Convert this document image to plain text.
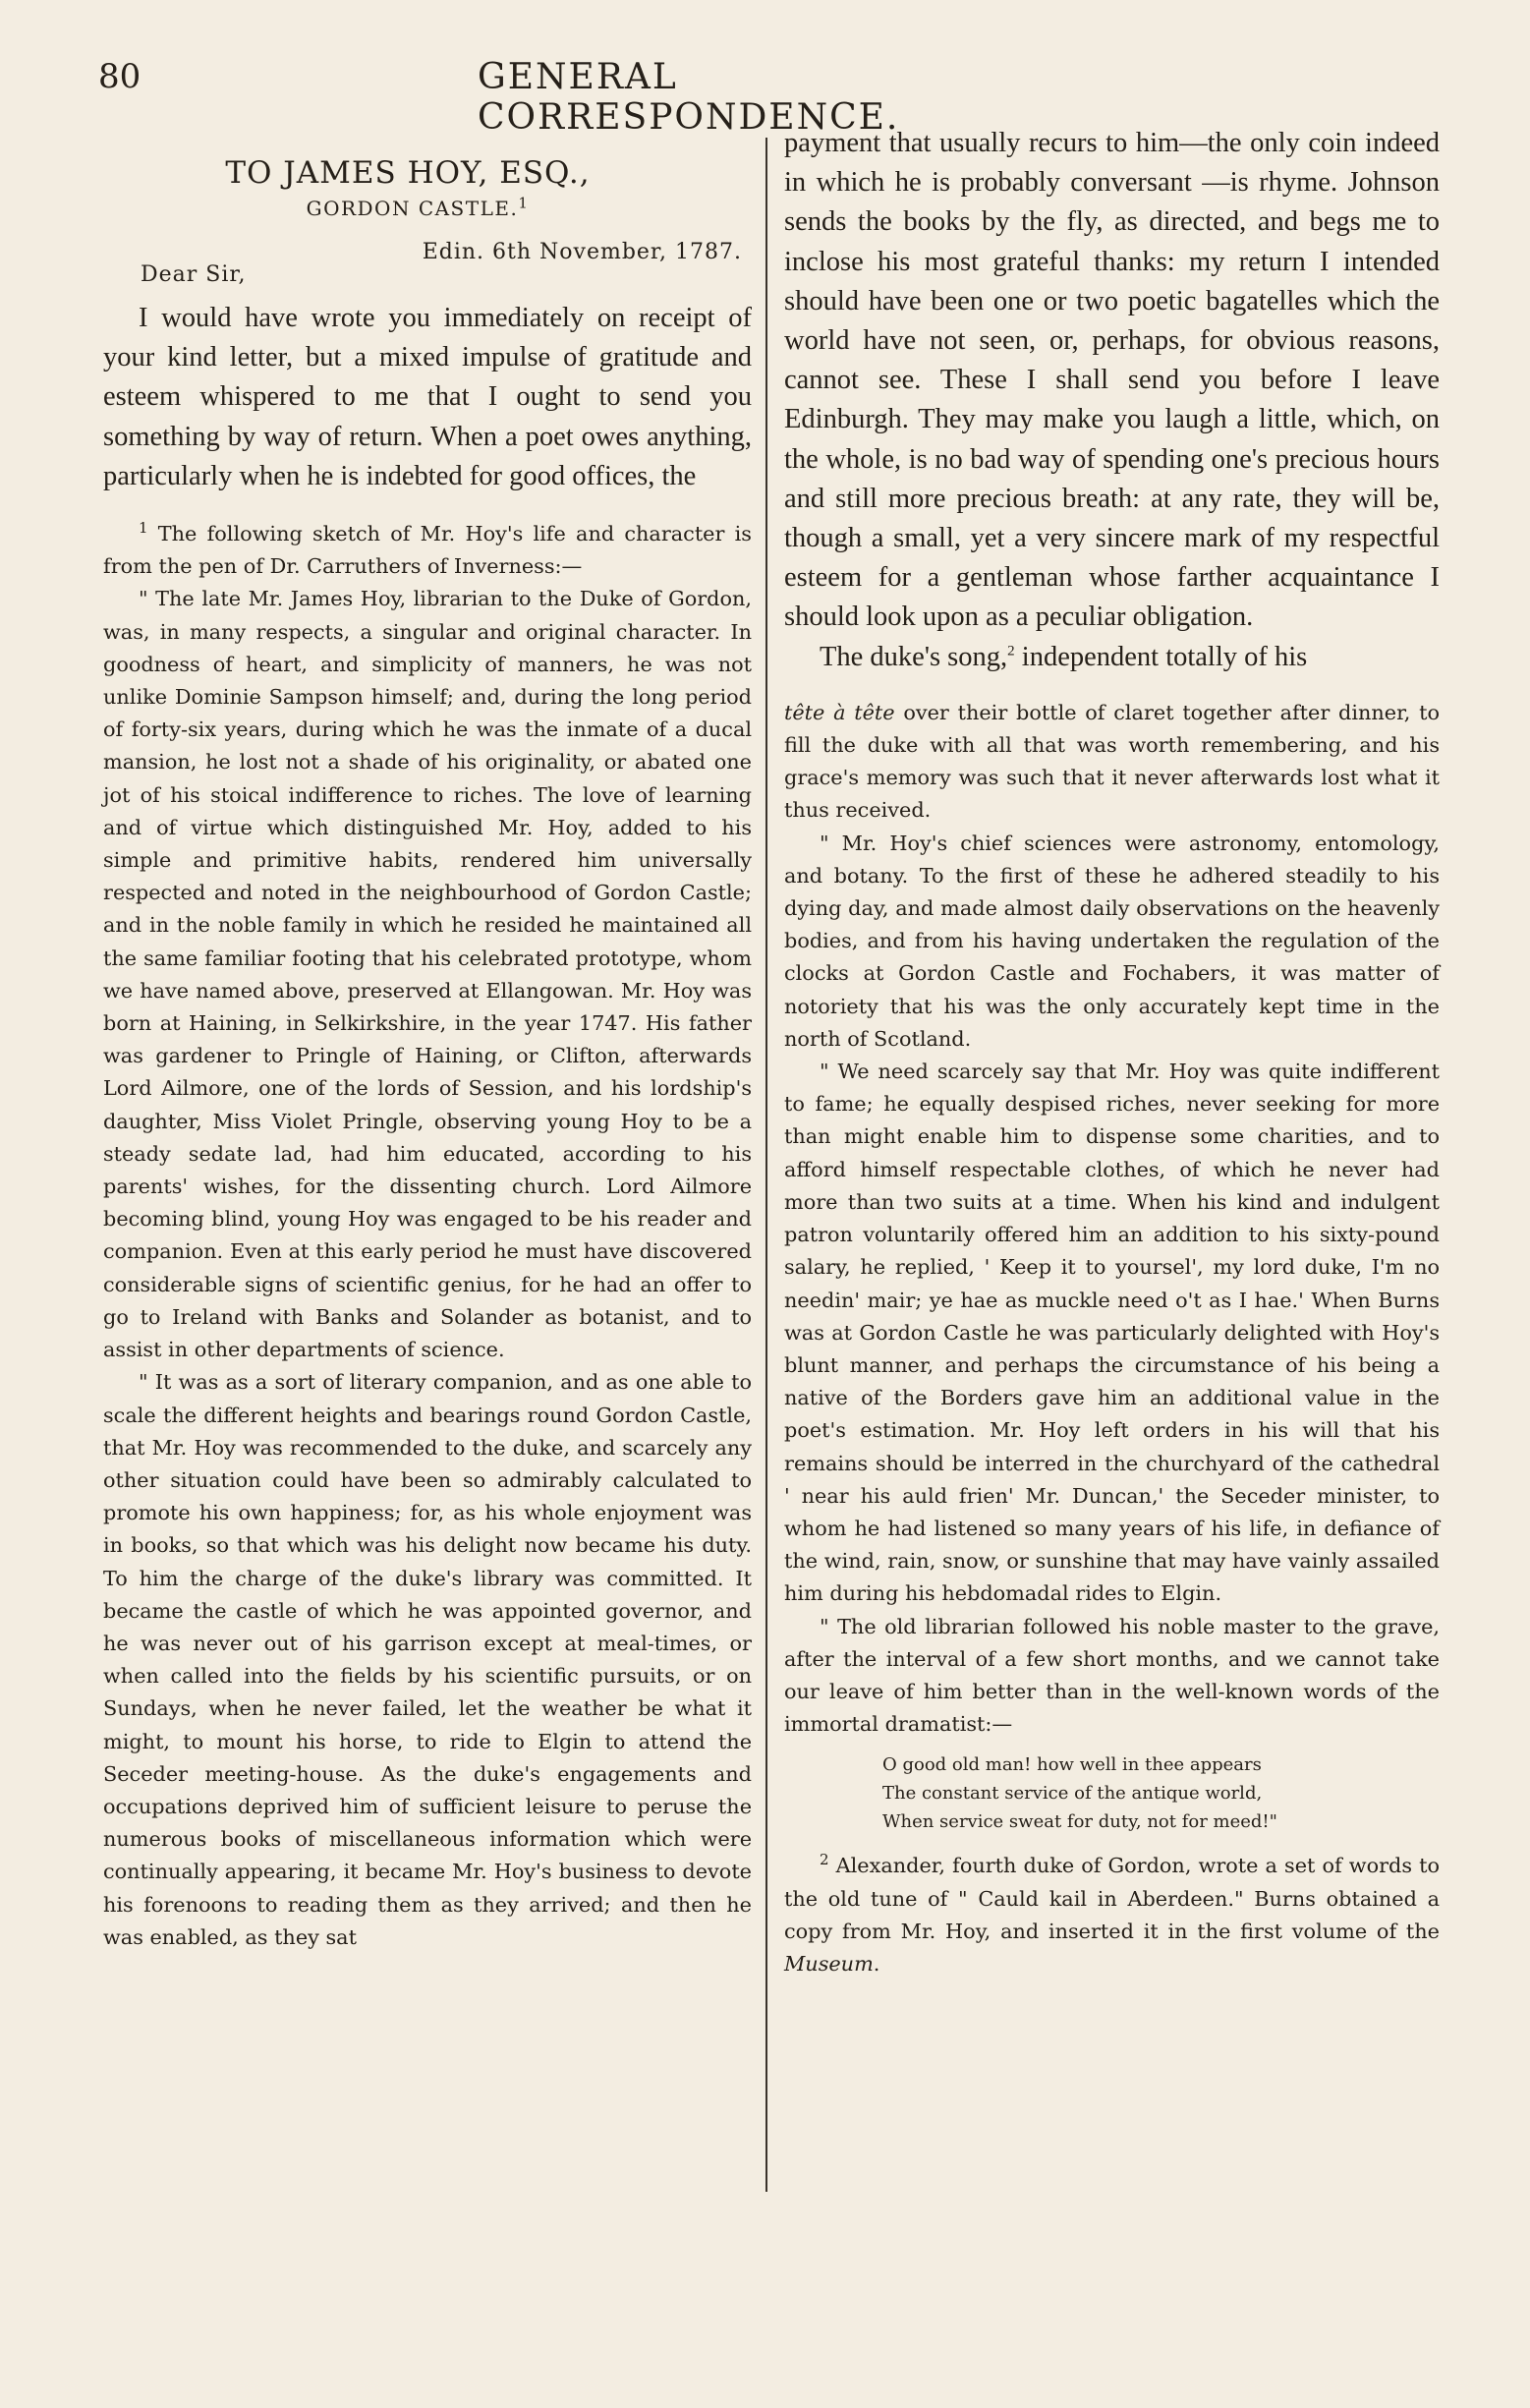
80	GENERAL CORRESPONDENCE.
TO JAMES HOY, ESQ.,
GORDON CASTLE.$^1$
Edin. 6th November, 1787.
Dear Sir,

I would have wrote you immediately on receipt of your kind letter, but a mixed impulse of gratitude and esteem whispered to me that I ought to send you something by way of return. When a poet owes anything, particularly when he is indebted for good offices, the

$^1$ The following sketch of Mr. Hoy's life and character is from the pen of Dr. Carruthers of Inverness:—

" The late Mr. James Hoy, librarian to the Duke of Gordon, was, in many respects, a singular and original character. In goodness of heart, and simplicity of manners, he was not unlike Dominie Sampson himself; and, during the long period of forty-six years, during which he was the inmate of a ducal mansion, he lost not a shade of his originality, or abated one jot of his stoical indifference to riches. The love of learning and of virtue which distinguished Mr. Hoy, added to his simple and primitive habits, rendered him universally respected and noted in the neighbourhood of Gordon Castle; and in the noble family in which he resided he maintained all the same familiar footing that his celebrated prototype, whom we have named above, preserved at Ellangowan. Mr. Hoy was born at Haining, in Selkirkshire, in the year 1747. His father was gardener to Pringle of Haining, or Clifton, afterwards Lord Ailmore, one of the lords of Session, and his lordship's daughter, Miss Violet Pringle, observing young Hoy to be a steady sedate lad, had him educated, according to his parents' wishes, for the dissenting church. Lord Ailmore becoming blind, young Hoy was engaged to be his reader and companion. Even at this early period he must have discovered considerable signs of scientific genius, for he had an offer to go to Ireland with Banks and Solander as botanist, and to assist in other departments of science.

" It was as a sort of literary companion, and as one able to scale the different heights and bearings round Gordon Castle, that Mr. Hoy was recommended to the duke, and scarcely any other situation could have been so admirably calculated to promote his own happiness; for, as his whole enjoyment was in books, so that which was his delight now became his duty. To him the charge of the duke's library was committed. It became the castle of which he was appointed governor, and he was never out of his garrison except at meal-times, or when called into the fields by his scientific pursuits, or on Sundays, when he never failed, let the weather be what it might, to mount his horse, to ride to Elgin to attend the Seceder meeting-house. As the duke's engagements and occupations deprived him of sufficient leisure to peruse the numerous books of miscellaneous information which were continually appearing, it became Mr. Hoy's business to devote his forenoons to reading them as they arrived; and then he was enabled, as they sat

payment that usually recurs to him—the only coin indeed in which he is probably conversant —is rhyme. Johnson sends the books by the fly, as directed, and begs me to inclose his most grateful thanks: my return I intended should have been one or two poetic bagatelles which the world have not seen, or, perhaps, for obvious reasons, cannot see. These I shall send you before I leave Edinburgh. They may make you laugh a little, which, on the whole, is no bad way of spending one's precious hours and still more precious breath: at any rate, they will be, though a small, yet a very sincere mark of my respectful esteem for a gentleman whose farther acquaintance I should look upon as a peculiar obligation.

The duke's song,$^2$ independent totally of his

tête à tête over their bottle of claret together after dinner, to fill the duke with all that was worth remembering, and his grace's memory was such that it never afterwards lost what it thus received.

" Mr. Hoy's chief sciences were astronomy, entomology, and botany. To the first of these he adhered steadily to his dying day, and made almost daily observations on the heavenly bodies, and from his having undertaken the regulation of the clocks at Gordon Castle and Fochabers, it was matter of notoriety that his was the only accurately kept time in the north of Scotland.

" We need scarcely say that Mr. Hoy was quite indifferent to fame; he equally despised riches, never seeking for more than might enable him to dispense some charities, and to afford himself respectable clothes, of which he never had more than two suits at a time. When his kind and indulgent patron voluntarily offered him an addition to his sixty-pound salary, he replied, ' Keep it to yoursel', my lord duke, I'm no needin' mair; ye hae as muckle need o't as I hae.' When Burns was at Gordon Castle he was particularly delighted with Hoy's blunt manner, and perhaps the circumstance of his being a native of the Borders gave him an additional value in the poet's estimation. Mr. Hoy left orders in his will that his remains should be interred in the churchyard of the cathedral ' near his auld frien' Mr. Duncan,' the Seceder minister, to whom he had listened so many years of his life, in defiance of the wind, rain, snow, or sunshine that may have vainly assailed him during his hebdomadal rides to Elgin.

" The old librarian followed his noble master to the grave, after the interval of a few short months, and we cannot take our leave of him better than in the well-known words of the immortal dramatist:—

O good old man! how well in thee appears
The constant service of the antique world,
When service sweat for duty, not for meed!"

$^2$ Alexander, fourth duke of Gordon, wrote a set of words to the old tune of " Cauld kail in Aberdeen." Burns obtained a copy from Mr. Hoy, and inserted it in the first volume of the Museum.
